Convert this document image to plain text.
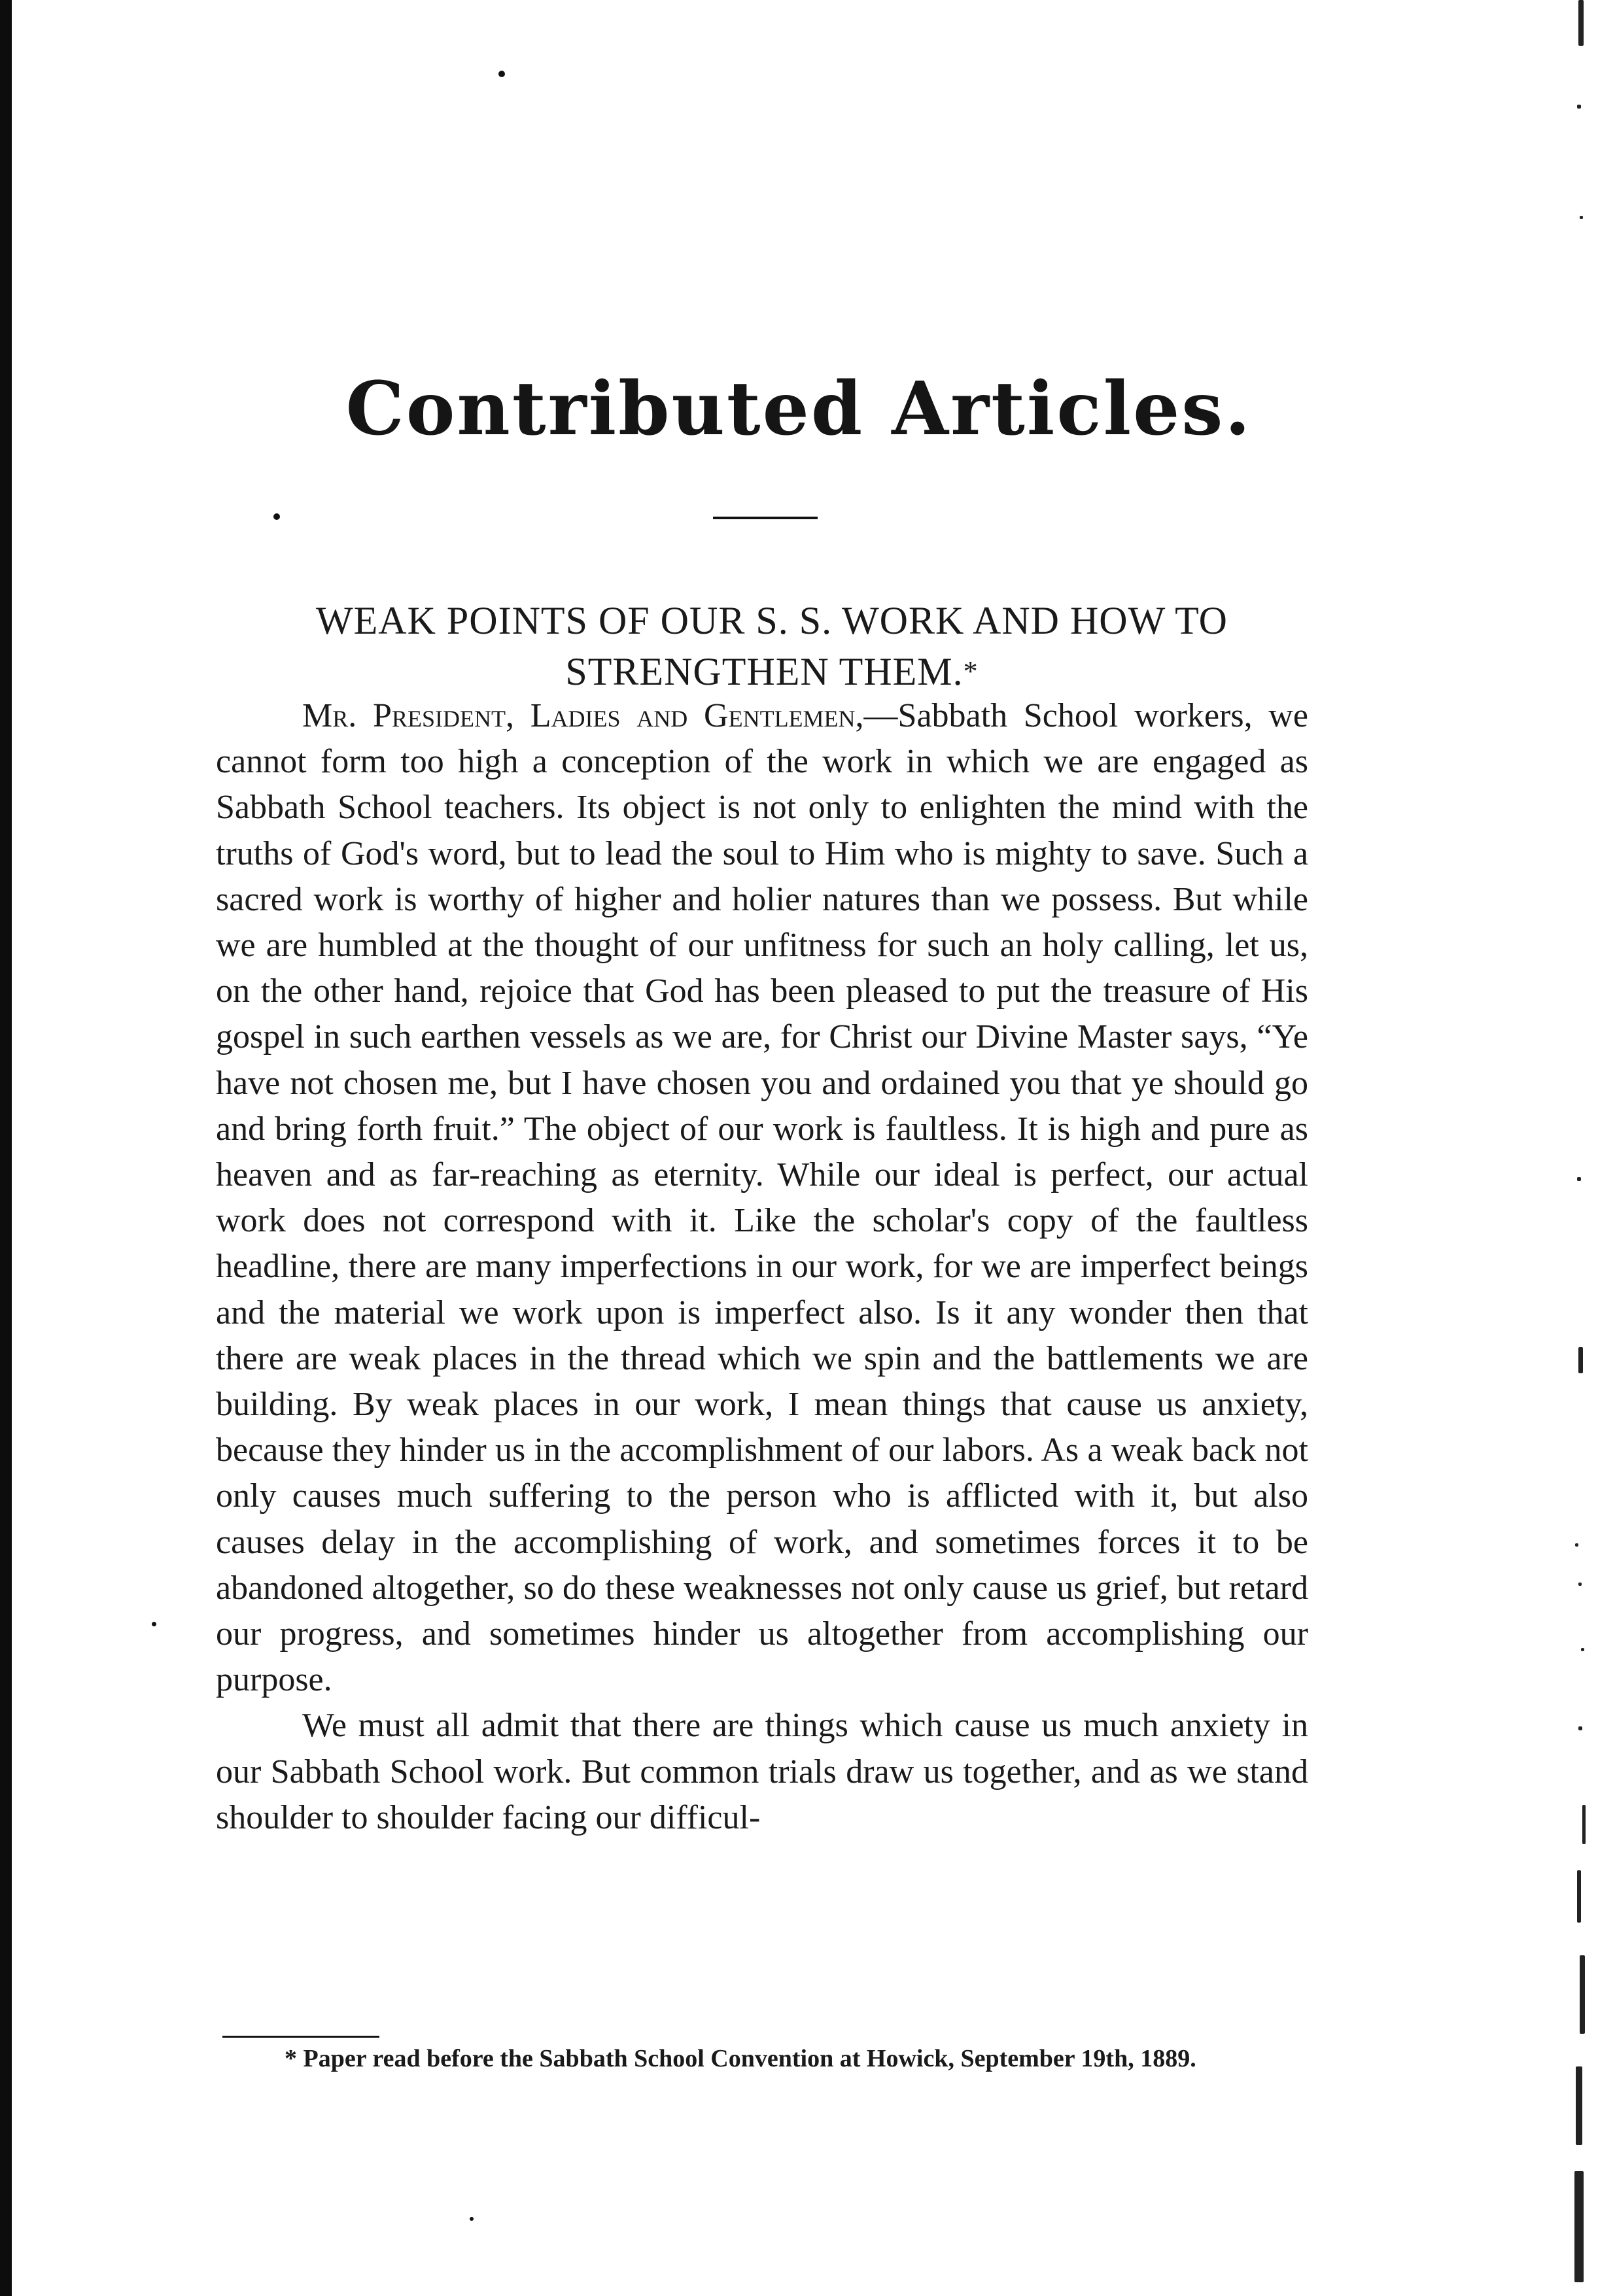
Contributed Articles.
WEAK POINTS OF OUR S. S. WORK AND HOW TO
STRENGTHEN THEM.*

Mr. President, Ladies and Gentlemen,—Sabbath School workers, we cannot form too high a conception of the work in which we are engaged as Sabbath School teachers. Its object is not only to enlighten the mind with the truths of God's word, but to lead the soul to Him who is mighty to save. Such a sacred work is worthy of higher and holier natures than we possess. But while we are humbled at the thought of our unfitness for such an holy calling, let us, on the other hand, rejoice that God has been pleased to put the treasure of His gospel in such earthen vessels as we are, for Christ our Divine Master says, “Ye have not chosen me, but I have chosen you and ordained you that ye should go and bring forth fruit.” The object of our work is faultless. It is high and pure as heaven and as far-reaching as eternity. While our ideal is perfect, our actual work does not correspond with it. Like the scholar's copy of the faultless headline, there are many imperfections in our work, for we are imperfect beings and the material we work upon is imperfect also. Is it any wonder then that there are weak places in the thread which we spin and the battlements we are building. By weak places in our work, I mean things that cause us anxiety, because they hinder us in the accomplishment of our labors. As a weak back not only causes much suffering to the person who is afflicted with it, but also causes delay in the accomplishing of work, and sometimes forces it to be abandoned altogether, so do these weaknesses not only cause us grief, but retard our progress, and sometimes hinder us altogether from accomplishing our purpose.

We must all admit that there are things which cause us much anxiety in our Sabbath School work. But common trials draw us together, and as we stand shoulder to shoulder facing our difficul-

* Paper read before the Sabbath School Convention at Howick, September 19th, 1889.
